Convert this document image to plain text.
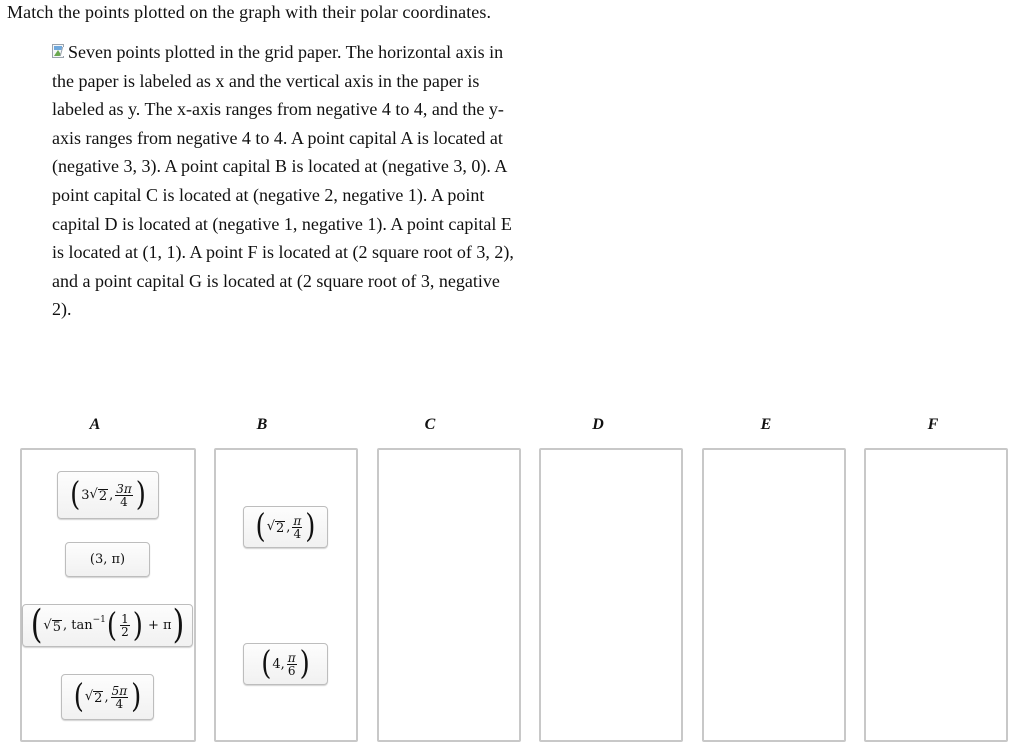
Match the points plotted on the graph with their polar coordinates.
Seven points plotted in the grid paper. The horizontal axis in the paper is labeled as x and the vertical axis in the paper is labeled as y. The x-axis ranges from negative 4 to 4, and the y-axis ranges from negative 4 to 4. A point capital A is located at (negative 3, 3). A point capital B is located at (negative 3, 0). A point capital C is located at (negative 2, negative 1). A point capital D is located at (negative 1, negative 1). A point capital E is located at (1, 1). A point F is located at (2 square root of 3, 2), and a point capital G is located at (2 square root of 3, negative 2).
A	B	C	D	E	F
( 3 √ 2 , $\frac{3\pi}{4}$ )
(3, π)
( √ 5 , tan −1 ( $\frac{1}{2}$ )
+ π )
( √ 2 , $\frac{5\pi}{4}$ )
( √ 2 , $\frac{\pi}{4}$ )
( 4 , $\frac{\pi}{6}$ )
